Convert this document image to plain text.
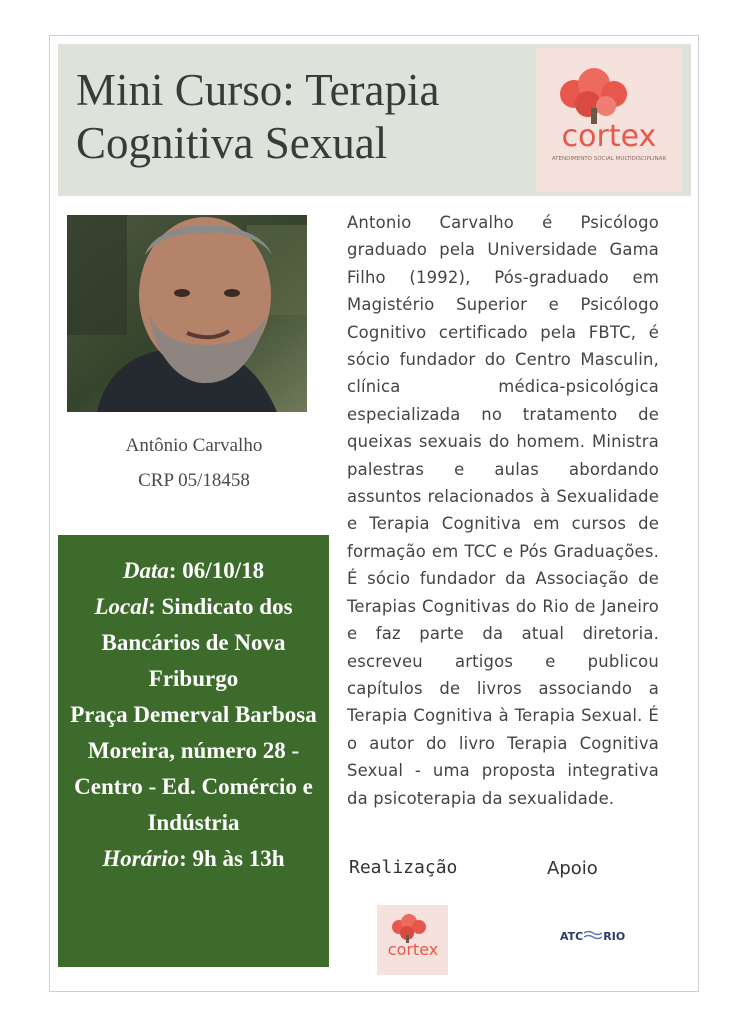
Mini Curso: Terapia
Cognitiva Sexual	cortex
ATENDIMENTO SOCIAL MULTIDISCIPLINAR
Antônio Carvalho
CRP 05/18458

Antonio Carvalho é Psicólogo graduado pela Universidade Gama Filho (1992), Pós-graduado em Magistério Superior e Psicólogo Cognitivo certificado pela FBTC, é sócio fundador do Centro Masculin, clínica médica-psicológica especializada no tratamento de queixas sexuais do homem. Ministra palestras e aulas abordando assuntos relacionados à Sexualidade e Terapia Cognitiva em cursos de formação em TCC e Pós Graduações. É sócio fundador da Associação de Terapias Cognitivas do Rio de Janeiro e faz parte da atual diretoria. escreveu artigos e publicou capítulos de livros associando a Terapia Cognitiva à Terapia Sexual. É o autor do livro Terapia Cognitiva Sexual - uma proposta integrativa da psicoterapia da sexualidade.

Data: 06/10/18

Local: Sindicato dos Bancários de Nova Friburgo

Praça Demerval Barbosa Moreira, número 28 - Centro - Ed. Comércio e Indústria

Horário: 9h às 13h	Realização	Apoio
cortex
ATC RIO
